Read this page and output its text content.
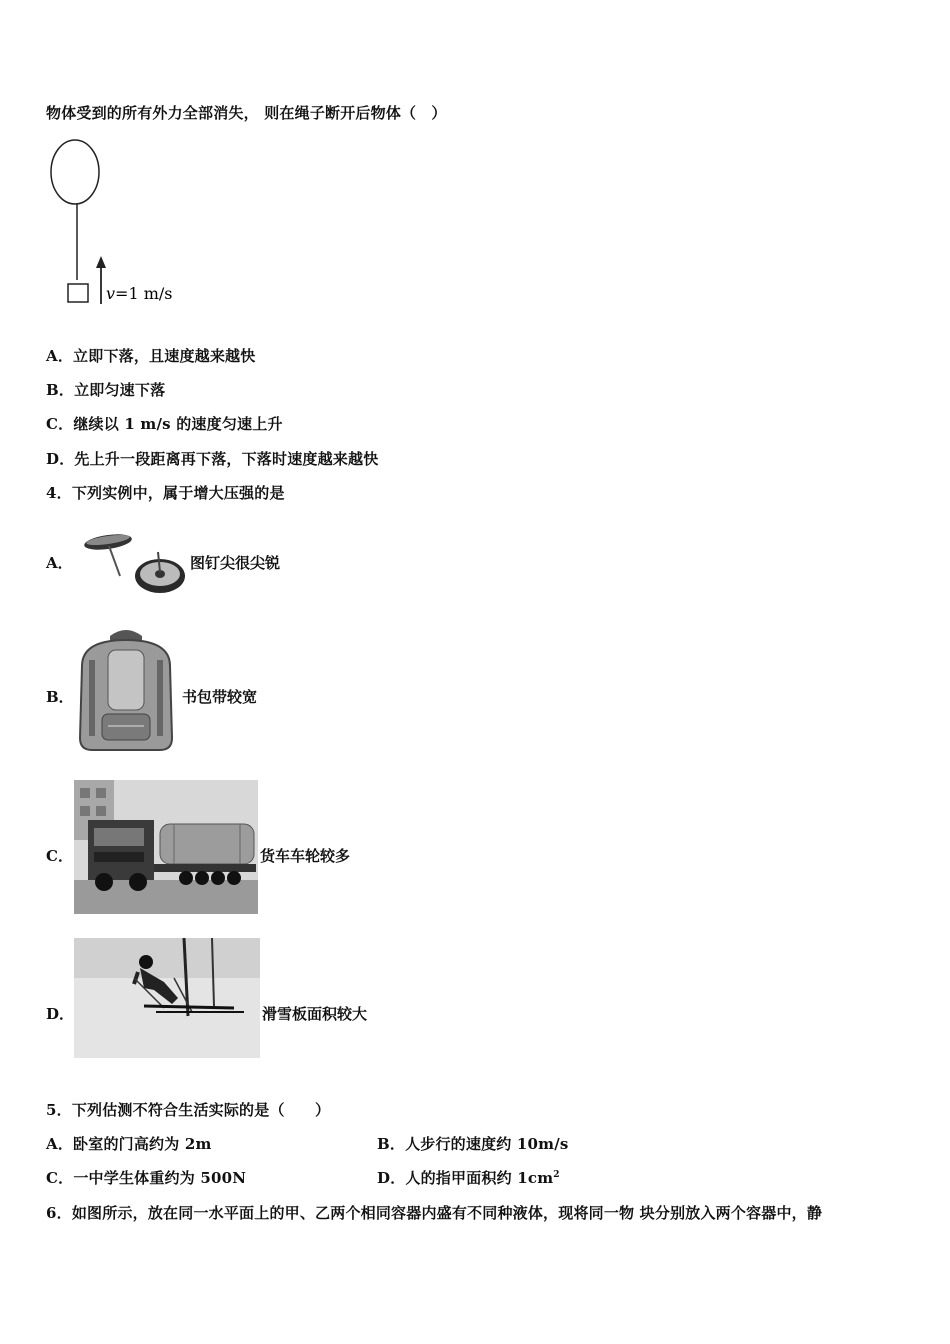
物体受到的所有外力全部消失， 则在绳子断开后物体（　）
v=1 m/s
A．立即下落，且速度越来越快
B．立即匀速下落
C．继续以 1 m/s 的速度匀速上升
D．先上升一段距离再下落，下落时速度越来越快
4．下列实例中，属于增大压强的是
A．	图钉尖很尖锐
B．	书包带较宽
C．	货车车轮较多
D．	滑雪板面积较大
5．下列估测不符合生活实际的是（　　）
A．卧室的门高约为 2m	B．人步行的速度约 10m/s
C．一中学生体重约为 500N	D．人的指甲面积约 $1cm^2$
6．如图所示，放在同一水平面上的甲、乙两个相同容器内盛有不同种液体，现将同一物 块分别放入两个容器中，静
